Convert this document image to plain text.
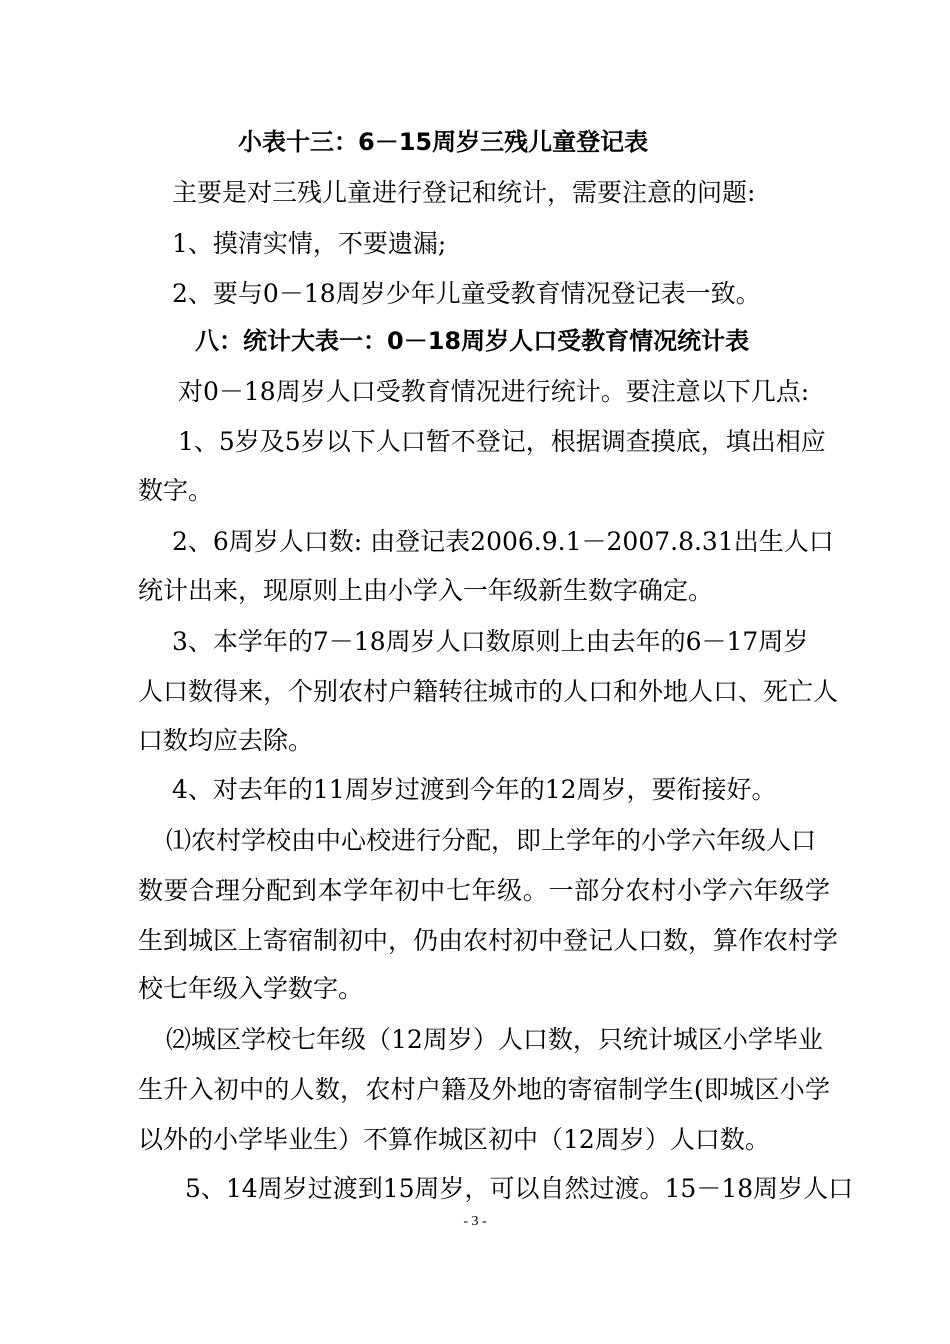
小表十三：6－15周岁三残儿童登记表
主要是对三残儿童进行登记和统计，需要注意的问题:
1、摸清实情，不要遗漏;
2、要与0－18周岁少年儿童受教育情况登记表一致。
八：统计大表一：0－18周岁人口受教育情况统计表
对0－18周岁人口受教育情况进行统计。要注意以下几点:
1、5岁及5岁以下人口暂不登记，根据调查摸底，填出相应
数字。
2、6周岁人口数: 由登记表2006.9.1－2007.8.31出生人口
统计出来，现原则上由小学入一年级新生数字确定。
3、本学年的7－18周岁人口数原则上由去年的6－17周岁
人口数得来，个别农村户籍转往城市的人口和外地人口、死亡人
口数均应去除。
4、对去年的11周岁过渡到今年的12周岁，要衔接好。
⑴农村学校由中心校进行分配，即上学年的小学六年级人口
数要合理分配到本学年初中七年级。一部分农村小学六年级学
生到城区上寄宿制初中，仍由农村初中登记人口数，算作农村学
校七年级入学数字。
⑵城区学校七年级（12周岁）人口数，只统计城区小学毕业
生升入初中的人数，农村户籍及外地的寄宿制学生(即城区小学
以外的小学毕业生）不算作城区初中（12周岁）人口数。
5、14周岁过渡到15周岁，可以自然过渡。15－18周岁人口
- 3 -
